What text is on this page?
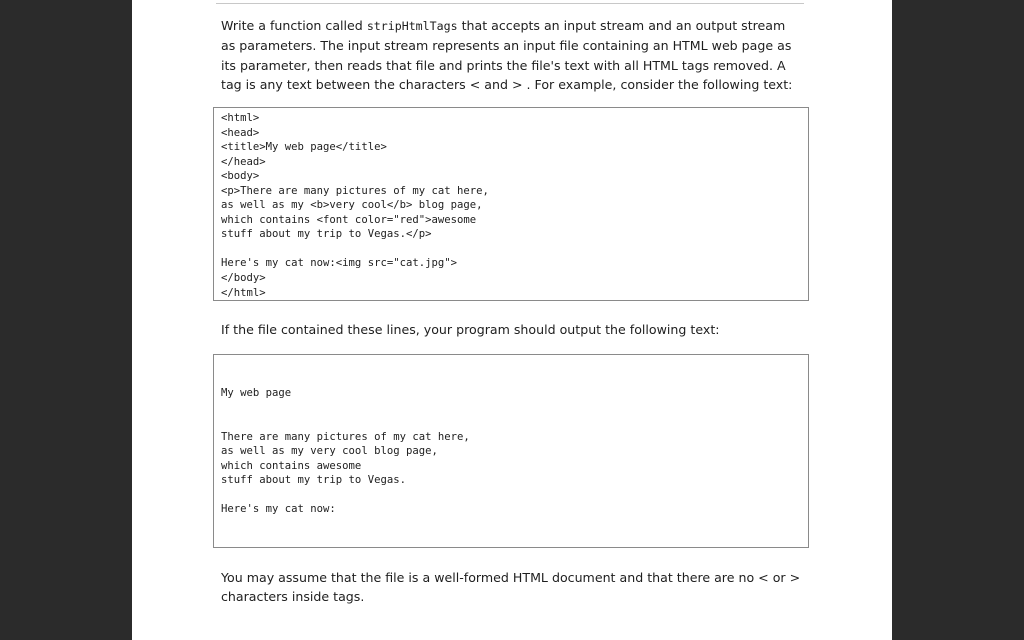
Write a function called stripHtmlTags that accepts an input stream and an output stream as parameters. The input stream represents an input file containing an HTML web page as its parameter, then reads that file and prints the file's text with all HTML tags removed. A tag is any text between the characters < and > . For example, consider the following text:

<html>
<head>
<title>My web page</title>
</head>
<body>
<p>There are many pictures of my cat here,
as well as my <b>very cool</b> blog page,
which contains <font color="red">awesome
stuff about my trip to Vegas.</p>
Here's my cat now:<img src="cat.jpg">
</body>
</html>

If the file contained these lines, your program should output the following text:

My web page
There are many pictures of my cat here,
as well as my very cool blog page,
which contains awesome
stuff about my trip to Vegas.
Here's my cat now:

You may assume that the file is a well-formed HTML document and that there are no < or > characters inside tags.
